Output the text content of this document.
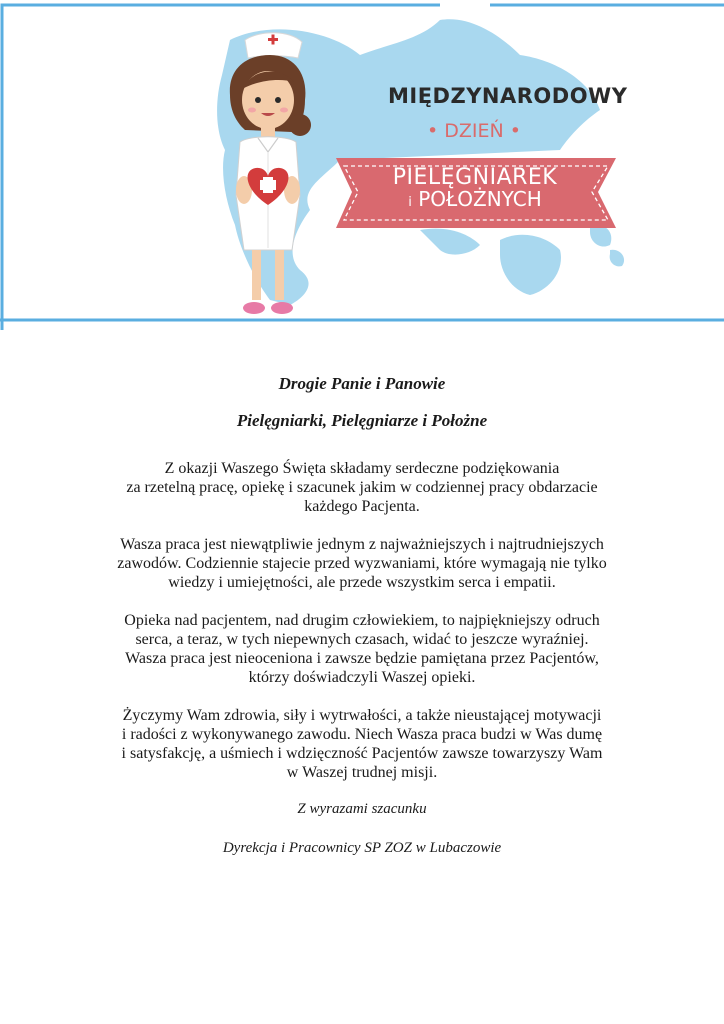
MIĘDZYNARODOWY
• DZIEŃ •
PIELĘGNIAREK
i POŁOŻNYCH

Drogie Panie i Panowie

Pielęgniarki, Pielęgniarze i Położne

Z okazji Waszego Święta składamy serdeczne podziękowania
za rzetelną pracę, opiekę i szacunek jakim w codziennej pracy obdarzacie
każdego Pacjenta.

Wasza praca jest niewątpliwie jednym z najważniejszych i najtrudniejszych
zawodów. Codziennie stajecie przed wyzwaniami, które wymagają nie tylko
wiedzy i umiejętności, ale przede wszystkim serca i empatii.

Opieka nad pacjentem, nad drugim człowiekiem, to najpiękniejszy odruch
serca, a teraz, w tych niepewnych czasach, widać to jeszcze wyraźniej.
Wasza praca jest nieoceniona i zawsze będzie pamiętana przez Pacjentów,
którzy doświadczyli Waszej opieki.

Życzymy Wam zdrowia, siły i wytrwałości, a także nieustającej motywacji
i radości z wykonywanego zawodu. Niech Wasza praca budzi w Was dumę
i satysfakcję, a uśmiech i wdzięczność Pacjentów zawsze towarzyszy Wam
w Waszej trudnej misji.

Z wyrazami szacunku

Dyrekcja i Pracownicy SP ZOZ w Lubaczowie
